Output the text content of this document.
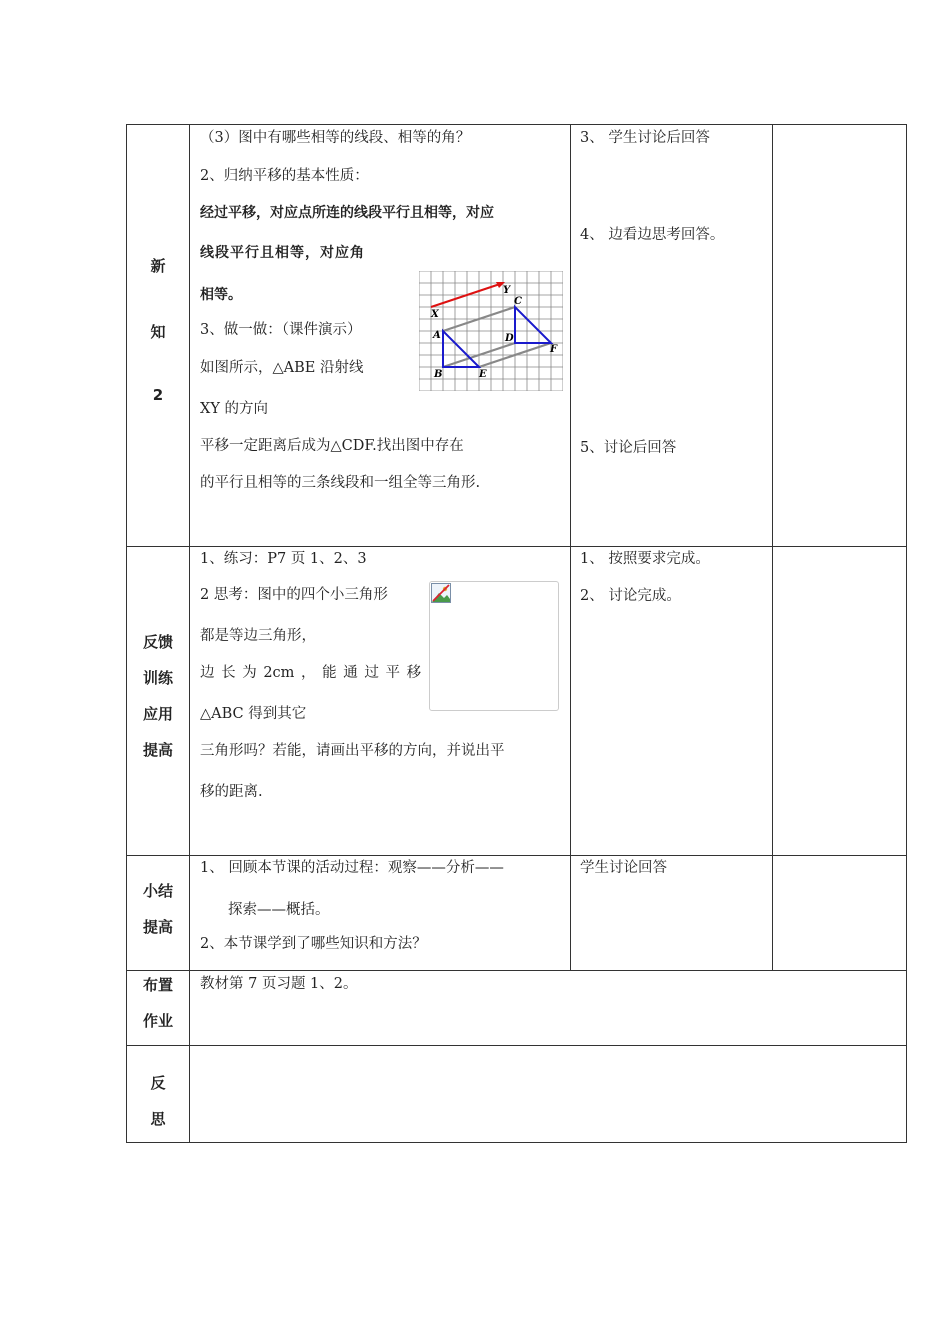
新
知
2
（3）图中有哪些相等的线段、相等的角？
2、归纳平移的基本性质：
经过平移，对应点所连的线段平行且相等，对应
线段平行且相等，对应角
相等。
3、做一做：（课件演示）
如图所示，△ABE 沿射线
XY 的方向
平移一定距离后成为△CDF.找出图中存在
的平行且相等的三条线段和一组全等三角形.
X
Y
A
B
C
D
E
F
3、 学生讨论后回答
4、 边看边思考回答。
5、讨论后回答
反馈
训练
应用
提高
1、练习：P7 页 1、2、3
2 思考：图中的四个小三角形
都是等边三角形，
边 长 为 2cm ， 能 通 过 平 移
△ABC 得到其它
三角形吗？若能，请画出平移的方向，并说出平
移的距离.
1、 按照要求完成。
2、 讨论完成。
小结
提高
1、 回顾本节课的活动过程：观察——分析——
探索——概括。
2、本节课学到了哪些知识和方法？
学生讨论回答
布置
作业
教材第 7 页习题 1、2。
反
思
